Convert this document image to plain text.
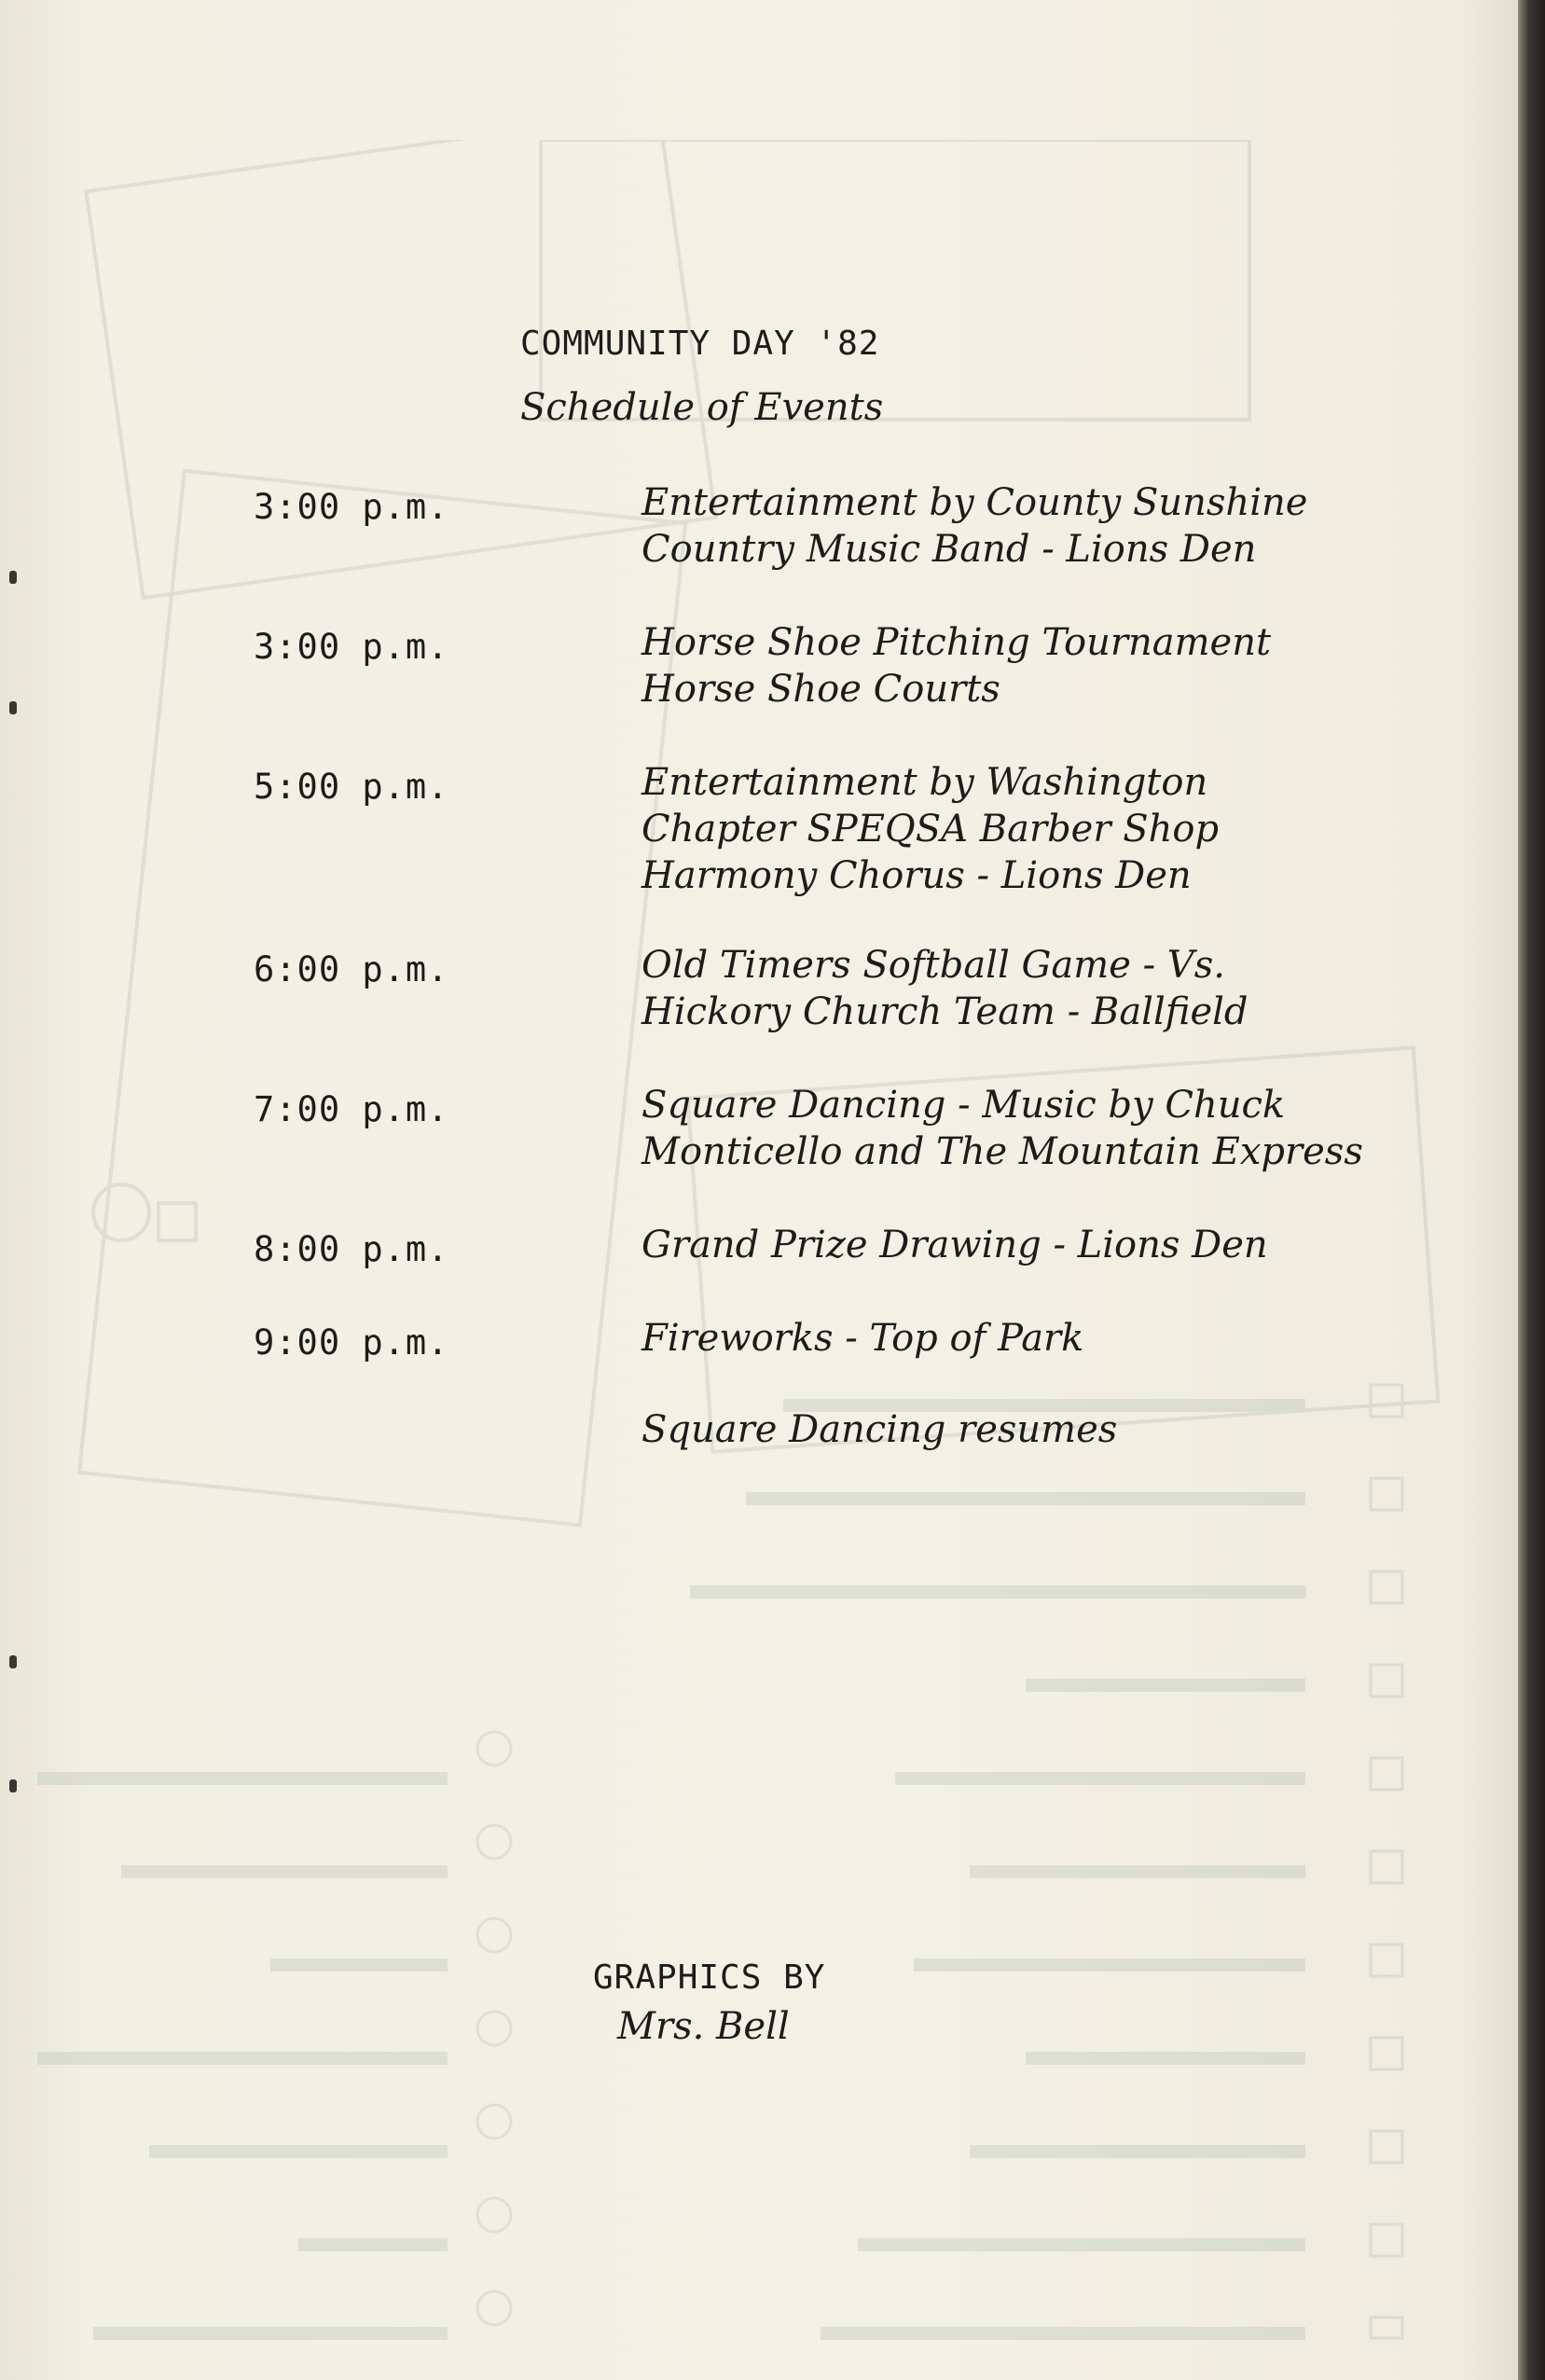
COMMUNITY DAY '82
Schedule of Events
3:00 p.m.	Entertainment by County Sunshine
Country Music Band - Lions Den
3:00 p.m.	Horse Shoe Pitching Tournament
Horse Shoe Courts
5:00 p.m.	Entertainment by Washington
Chapter SPEQSA Barber Shop
Harmony Chorus - Lions Den
6:00 p.m.	Old Timers Softball Game - Vs.
Hickory Church Team - Ballfield
7:00 p.m.	Square Dancing - Music by Chuck
Monticello and The Mountain Express
8:00 p.m.	Grand Prize Drawing - Lions Den
9:00 p.m.	Fireworks - Top of Park
Square Dancing resumes
GRAPHICS BY
Mrs. Bell
